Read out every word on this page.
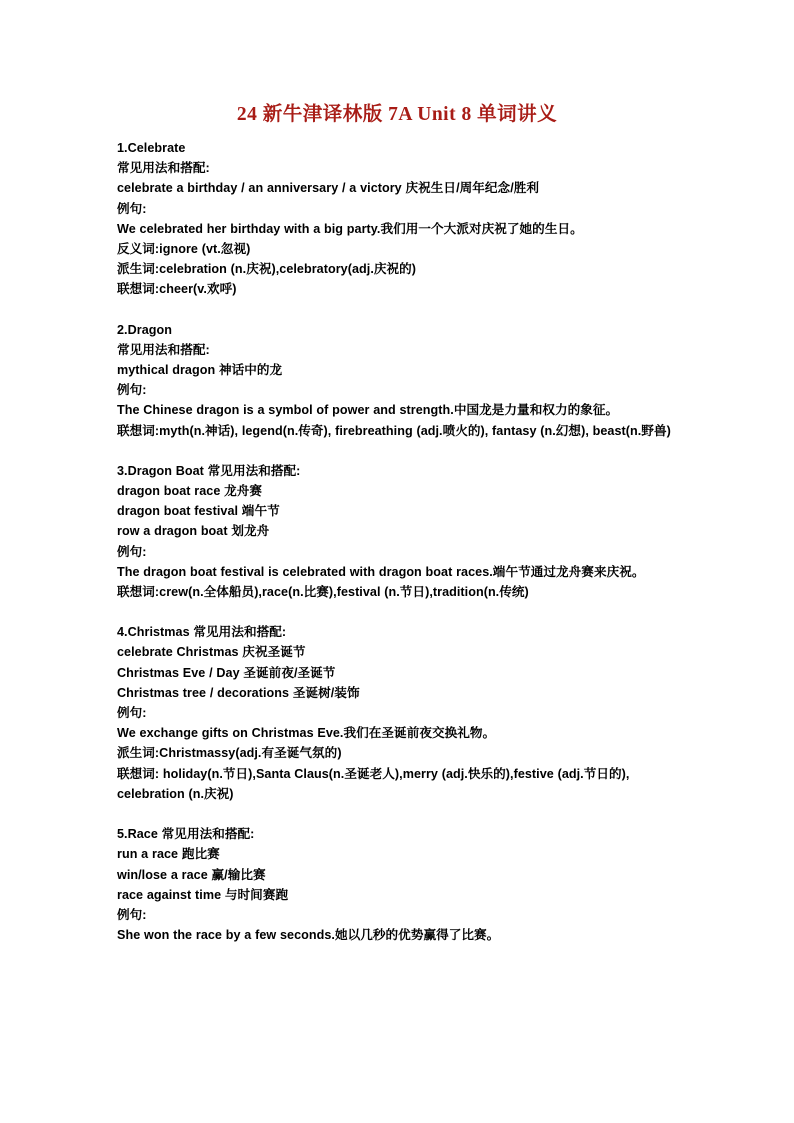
24 新牛津译林版 7A Unit 8 单词讲义
1.Celebrate
常见用法和搭配:
celebrate a birthday / an anniversary / a victory 庆祝生日/周年纪念/胜利
例句:
We celebrated her birthday with a big party.我们用一个大派对庆祝了她的生日。
反义词:ignore (vt.忽视)
派生词:celebration (n.庆祝),celebratory(adj.庆祝的)
联想词:cheer(v.欢呼)
2.Dragon
常见用法和搭配:
mythical dragon 神话中的龙
例句:
The Chinese dragon is a symbol of power and strength.中国龙是力量和权力的象征。
联想词:myth(n.神话), legend(n.传奇), firebreathing (adj.喷火的), fantasy (n.幻想), beast(n.野兽)
3.Dragon Boat 常见用法和搭配:
dragon boat race 龙舟赛
dragon boat festival 端午节
row a dragon boat 划龙舟
例句:
The dragon boat festival is celebrated with dragon boat races.端午节通过龙舟赛来庆祝。
联想词:crew(n.全体船员),race(n.比赛),festival (n.节日),tradition(n.传统)
4.Christmas 常见用法和搭配:
celebrate Christmas 庆祝圣诞节
Christmas Eve / Day 圣诞前夜/圣诞节
Christmas tree / decorations 圣诞树/装饰
例句:
We exchange gifts on Christmas Eve.我们在圣诞前夜交换礼物。
派生词:Christmassy(adj.有圣诞气氛的)
联想词: holiday(n.节日),Santa Claus(n.圣诞老人),merry (adj.快乐的),festive (adj.节日的), celebration (n.庆祝)
5.Race 常见用法和搭配:
run a race 跑比赛
win/lose a race 赢/输比赛
race against time 与时间赛跑
例句:
She won the race by a few seconds.她以几秒的优势赢得了比赛。
